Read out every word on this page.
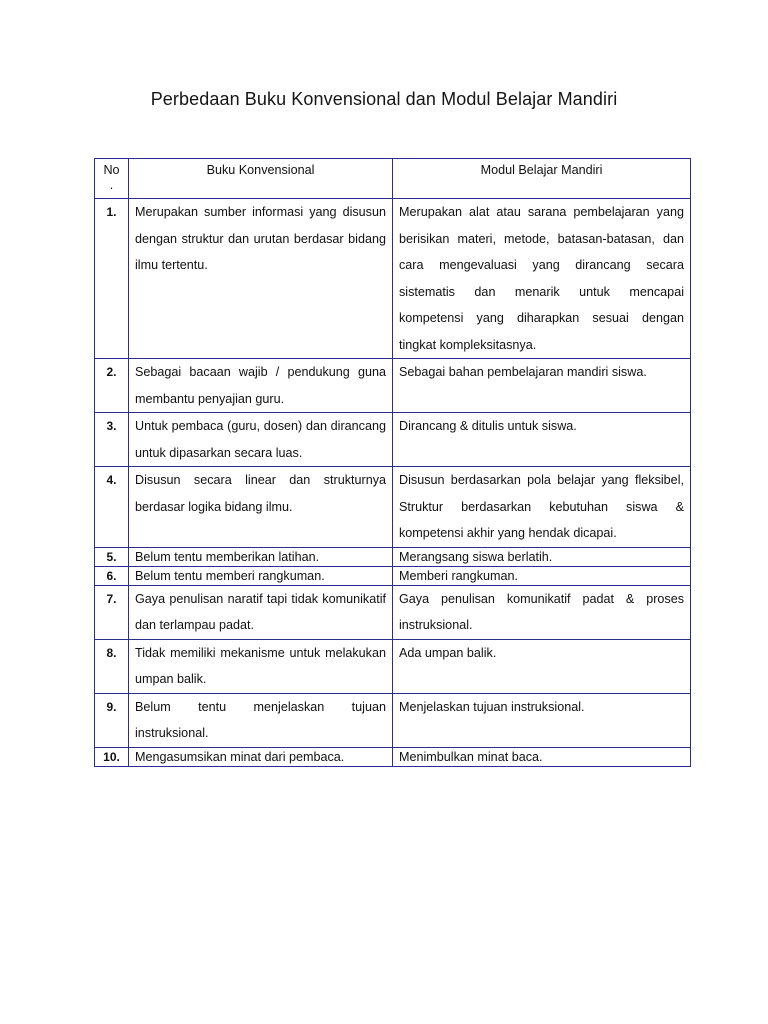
Perbedaan Buku Konvensional dan Modul Belajar Mandiri
No
.	Buku Konvensional	Modul Belajar Mandiri
1.	Merupakan sumber informasi yang disusun dengan struktur dan urutan berdasar bidang ilmu tertentu.	Merupakan alat atau sarana pembelajaran yang berisikan materi, metode, batasan-batasan, dan cara mengevaluasi yang dirancang secara sistematis dan menarik untuk mencapai kompetensi yang diharapkan sesuai dengan tingkat kompleksitasnya.
2.	Sebagai bacaan wajib / pendukung guna membantu penyajian guru.	Sebagai bahan pembelajaran mandiri siswa.
3.	Untuk pembaca (guru, dosen) dan dirancang untuk dipasarkan secara luas.	Dirancang & ditulis untuk siswa.
4.	Disusun secara linear dan strukturnya berdasar logika bidang ilmu.	Disusun berdasarkan pola belajar yang fleksibel, Struktur berdasarkan kebutuhan siswa & kompetensi akhir yang hendak dicapai.
5.	Belum tentu memberikan latihan.	Merangsang siswa berlatih.
6.	Belum tentu memberi rangkuman.	Memberi rangkuman.
7.	Gaya penulisan naratif tapi tidak komunikatif dan terlampau padat.	Gaya penulisan komunikatif padat & proses instruksional.
8.	Tidak memiliki mekanisme untuk melakukan umpan balik.	Ada umpan balik.
9.	Belum tentu menjelaskan tujuan instruksional.	Menjelaskan tujuan instruksional.
10.	Mengasumsikan minat dari pembaca.	Menimbulkan minat baca.
